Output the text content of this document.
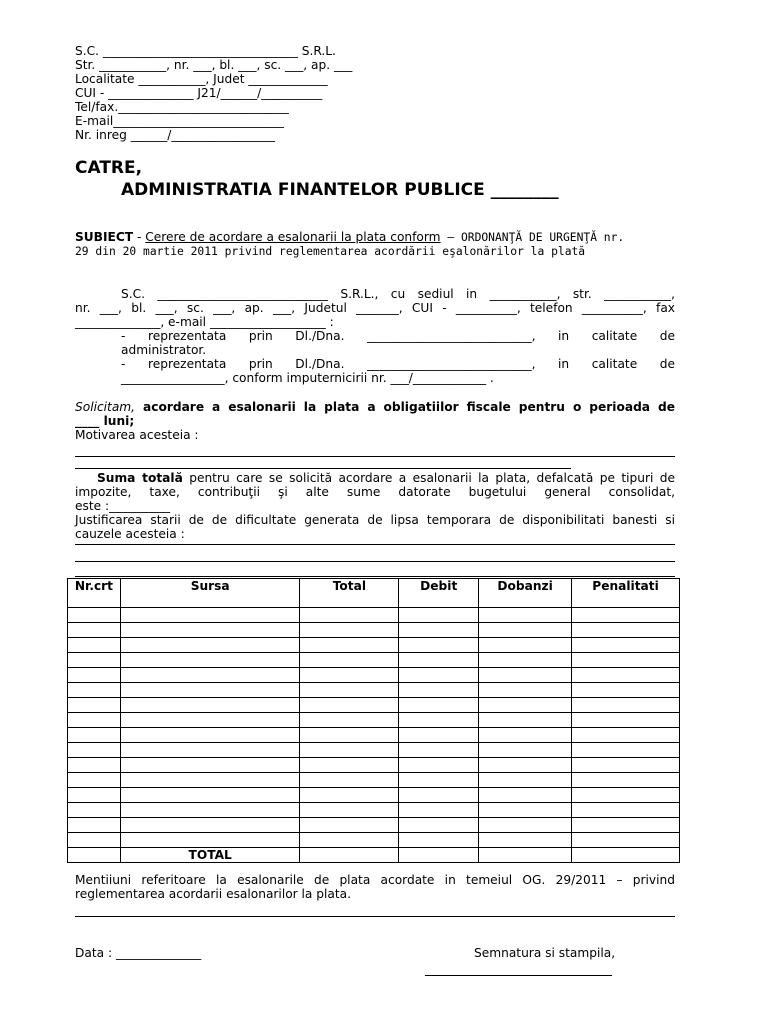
S.C. ________________________________ S.R.L.
Str. ___________, nr. ___, bl. ___, sc. ___, ap. ___
Localitate ___________, Judet _____________
CUI - ______________ J21/______/__________
Tel/fax.____________________________
E-mail____________________________
Nr. inreg ______/_________________
CATRE,
ADMINISTRATIA FINANTELOR PUBLICE ________
SUBIECT - Cerere de acordare a esalonarii la plata conform – ORDONANŢĂ DE URGENŢĂ nr.
29 din 20 martie 2011 privind reglementarea acordării eşalonărilor la plată
S.C. ____________________________ S.R.L., cu sediul in ___________, str. ___________,
nr. ___, bl. ___, sc. ___, ap. ___, Judetul _______, CUI - __________, telefon __________, fax
______________, e-mail ___________________ :
- reprezentata prin Dl./Dna. ___________________________, in calitate de
administrator.
- reprezentata prin Dl./Dna. ___________________________, in calitate de
_________________, conform imputernicirii nr. ___/____________ .
Solicitam, acordare a esalonarii la plata a obligatiilor fiscale pentru o perioada de
____ luni;
Motivarea acesteia :
Suma totală pentru care se solicită acordare a esalonarii la plata, defalcată pe tipuri de
impozite, taxe, contribuţii şi alte sume datorate bugetului general consolidat,
este :__________
Justificarea starii de de dificultate generata de lipsa temporara de disponibilitati banesti si
cauzele acesteia :
Nr.crt	Sursa	Total	Debit	Dobanzi	Penalitati

	TOTAL				
Mentiiuni referitoare la esalonarile de plata acordate in temeiul OG. 29/2011 – privind
reglementarea acordarii esalonarilor la plata.
Data : ______________	Semnatura si stampila,
